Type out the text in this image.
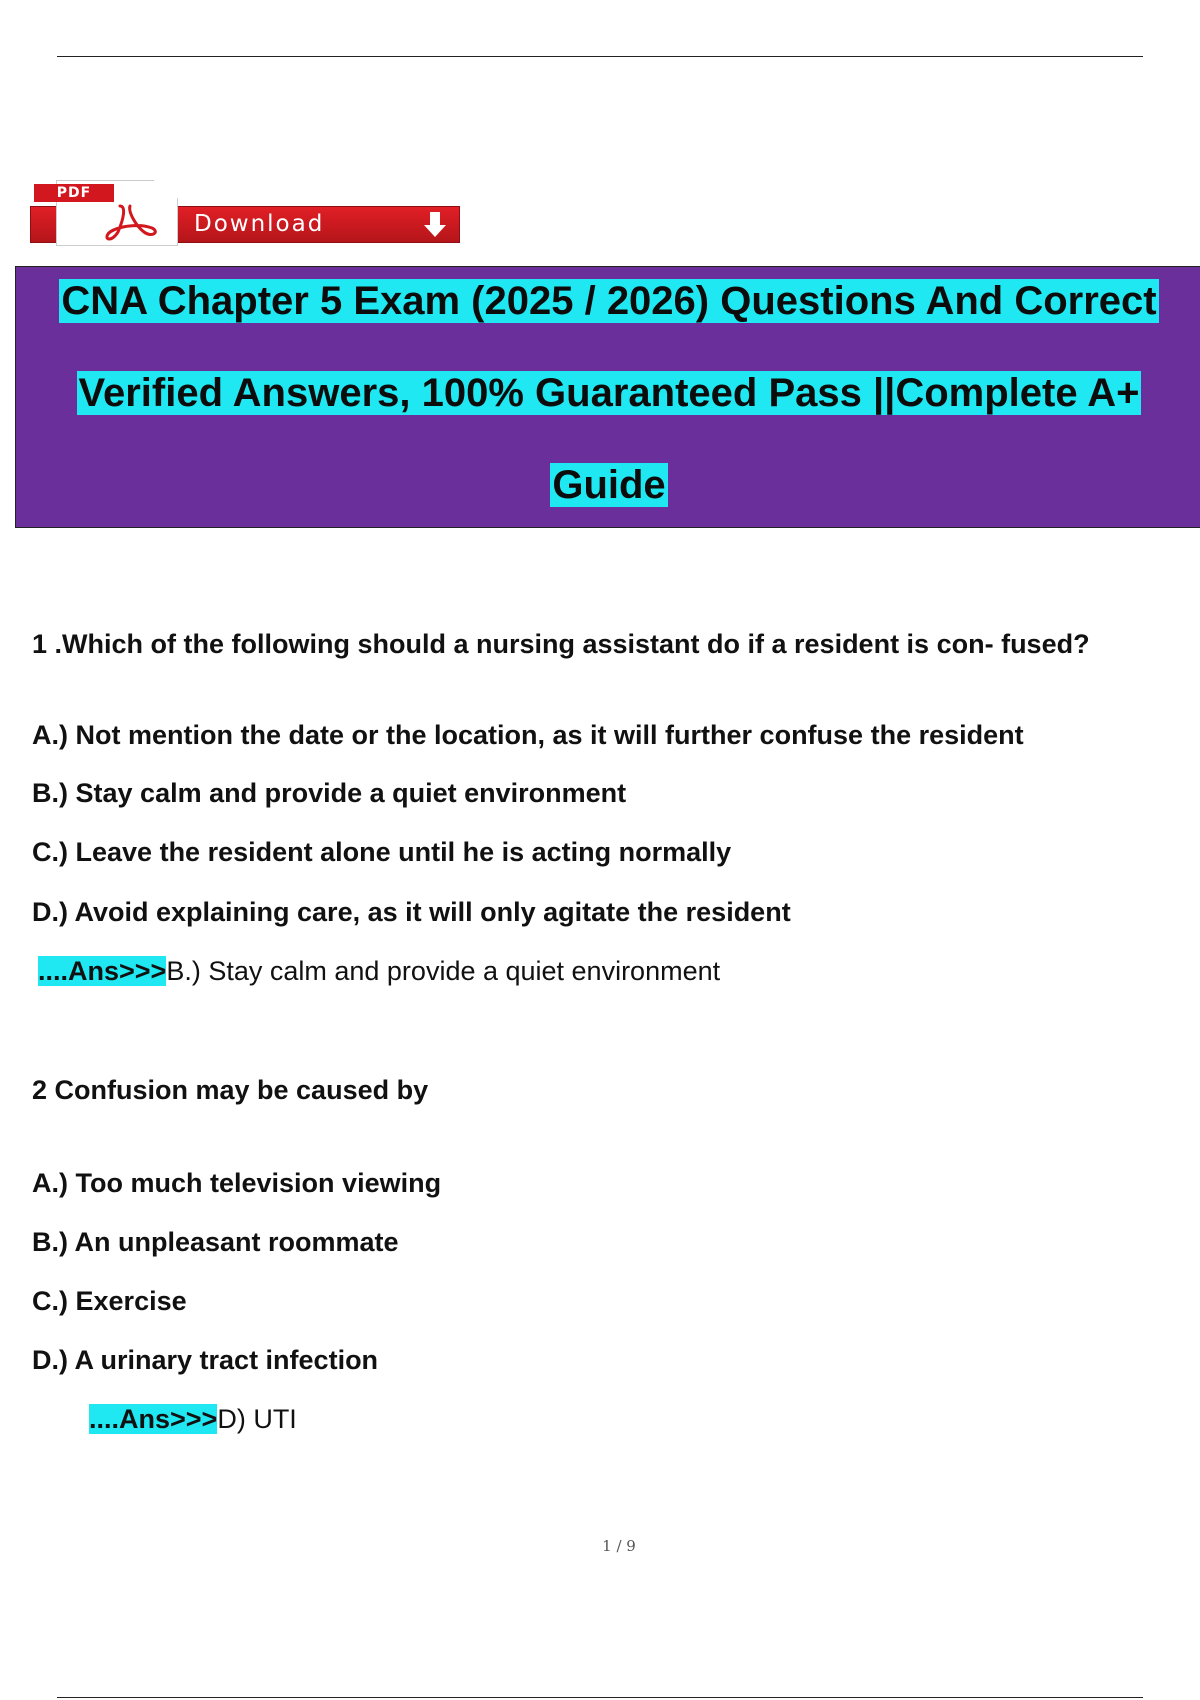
Download
PDF
CNA Chapter 5 Exam (2025 / 2026) Questions And Correct
Verified Answers, 100% Guaranteed Pass ||Complete A+
Guide
1 .Which of the following should a nursing assistant do if a resident is con- fused?
A.) Not mention the date or the location, as it will further confuse the resident
B.) Stay calm and provide a quiet environment
C.) Leave the resident alone until he is acting normally
D.) Avoid explaining care, as it will only agitate the resident
....Ans>>>B.) Stay calm and provide a quiet environment
2 Confusion may be caused by
A.) Too much television viewing
B.) An unpleasant roommate
C.) Exercise
D.) A urinary tract infection
....Ans>>>D) UTI
1 / 9
